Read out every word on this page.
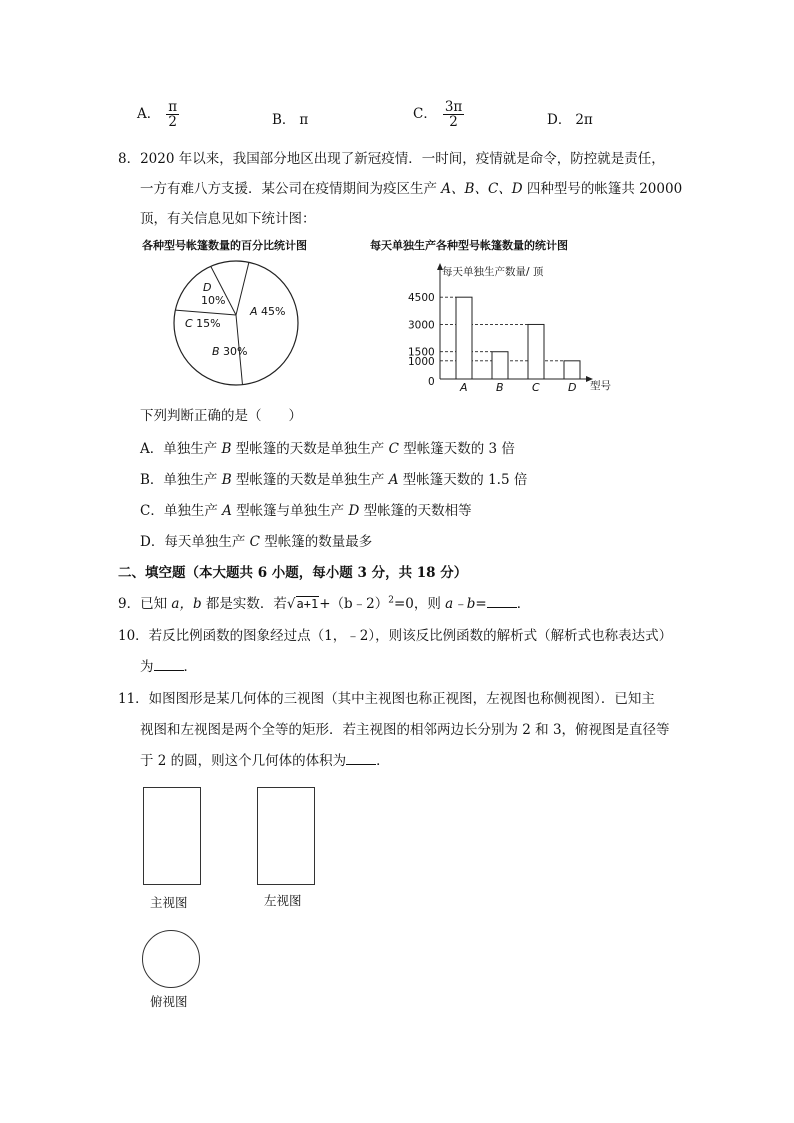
A． $\frac{\pi}{2}$	B． π	C． $\frac{3\pi}{2}$	D． 2π
8．2020 年以来，我国部分地区出现了新冠疫情．一时间，疫情就是命令，防控就是责任，
一方有难八方支援．某公司在疫情期间为疫区生产 A、B、C、D 四种型号的帐篷共 20000
顶，有关信息见如下统计图：
各种型号帐篷数量的百分比统计图
A 45%
B 30%
C 15%
D 10%
每天单独生产各种型号帐篷数量的统计图
每天单独生产数量/ 顶
型号
0 A	B	C	D
4500
3000
1500
1000
下列判断正确的是（　　）
A．单独生产 B 型帐篷的天数是单独生产 C 型帐篷天数的 3 倍
B．单独生产 B 型帐篷的天数是单独生产 A 型帐篷天数的 1.5 倍
C．单独生产 A 型帐篷与单独生产 D 型帐篷的天数相等
D．每天单独生产 C 型帐篷的数量最多
二、填空题（本大题共 6 小题，每小题 3 分，共 18 分）
9．已知 a，b 都是实数．若√a+1+（b﹣2）$^2$=0，则 a﹣b= ．
10．若反比例函数的图象经过点（1，﹣2），则该反比例函数的解析式（解析式也称表达式）
为 ．
11．如图图形是某几何体的三视图（其中主视图也称正视图，左视图也称侧视图）．已知主
视图和左视图是两个全等的矩形．若主视图的相邻两边长分别为 2 和 3，俯视图是直径等
于 2 的圆，则这个几何体的体积为 ．
主视图	左视图
俯视图
